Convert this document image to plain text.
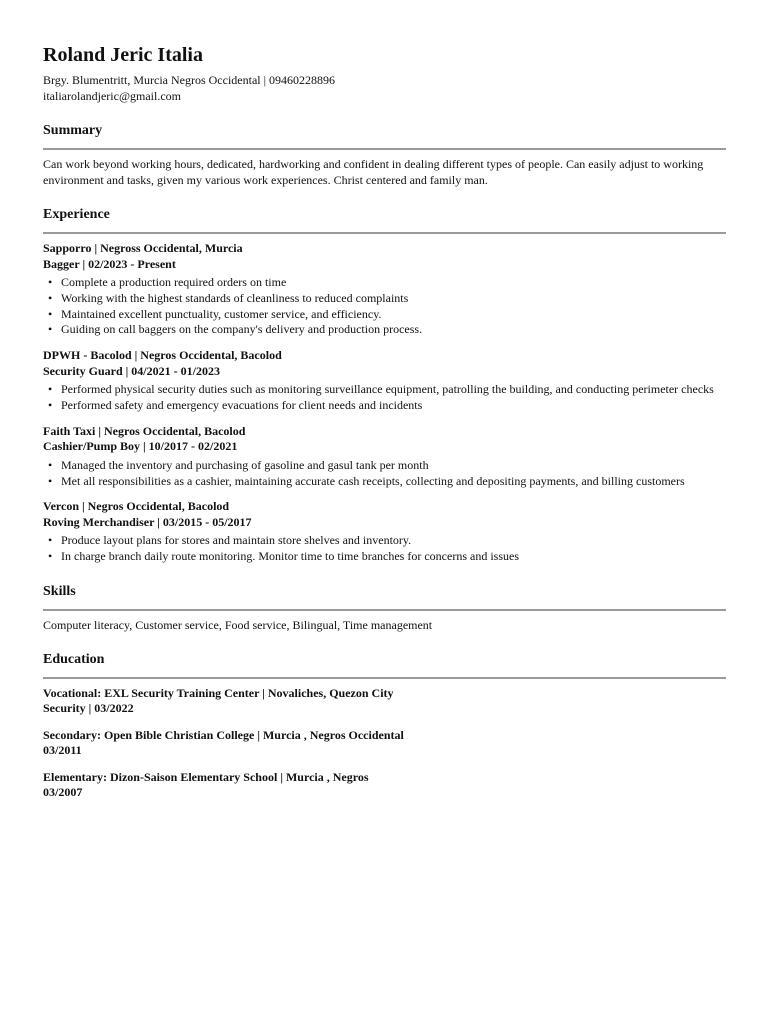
Roland Jeric Italia
Brgy. Blumentritt, Murcia Negros Occidental | 09460228896
italiarolandjeric@gmail.com
Summary
Can work beyond working hours, dedicated, hardworking and confident in dealing different types of people. Can easily adjust to working environment and tasks, given my various work experiences. Christ centered and family man.
Experience
Sapporro | Negross Occidental, Murcia
Bagger | 02/2023 - Present
• Complete a production required orders on time
• Working with the highest standards of cleanliness to reduced complaints
• Maintained excellent punctuality, customer service, and efficiency.
• Guiding on call baggers on the company's delivery and production process.
DPWH - Bacolod | Negros Occidental, Bacolod
Security Guard | 04/2021 - 01/2023
• Performed physical security duties such as monitoring surveillance equipment, patrolling the building, and conducting perimeter checks
• Performed safety and emergency evacuations for client needs and incidents
Faith Taxi | Negros Occidental, Bacolod
Cashier/Pump Boy | 10/2017 - 02/2021
• Managed the inventory and purchasing of gasoline and gasul tank per month
• Met all responsibilities as a cashier, maintaining accurate cash receipts, collecting and depositing payments, and billing customers
Vercon | Negros Occidental, Bacolod
Roving Merchandiser | 03/2015 - 05/2017
• Produce layout plans for stores and maintain store shelves and inventory.
• In charge branch daily route monitoring. Monitor time to time branches for concerns and issues
Skills
Computer literacy, Customer service, Food service, Bilingual, Time management
Education
Vocational: EXL Security Training Center | Novaliches, Quezon City
Security | 03/2022
Secondary: Open Bible Christian College | Murcia , Negros Occidental
03/2011
Elementary: Dizon-Saison Elementary School | Murcia , Negros
03/2007
